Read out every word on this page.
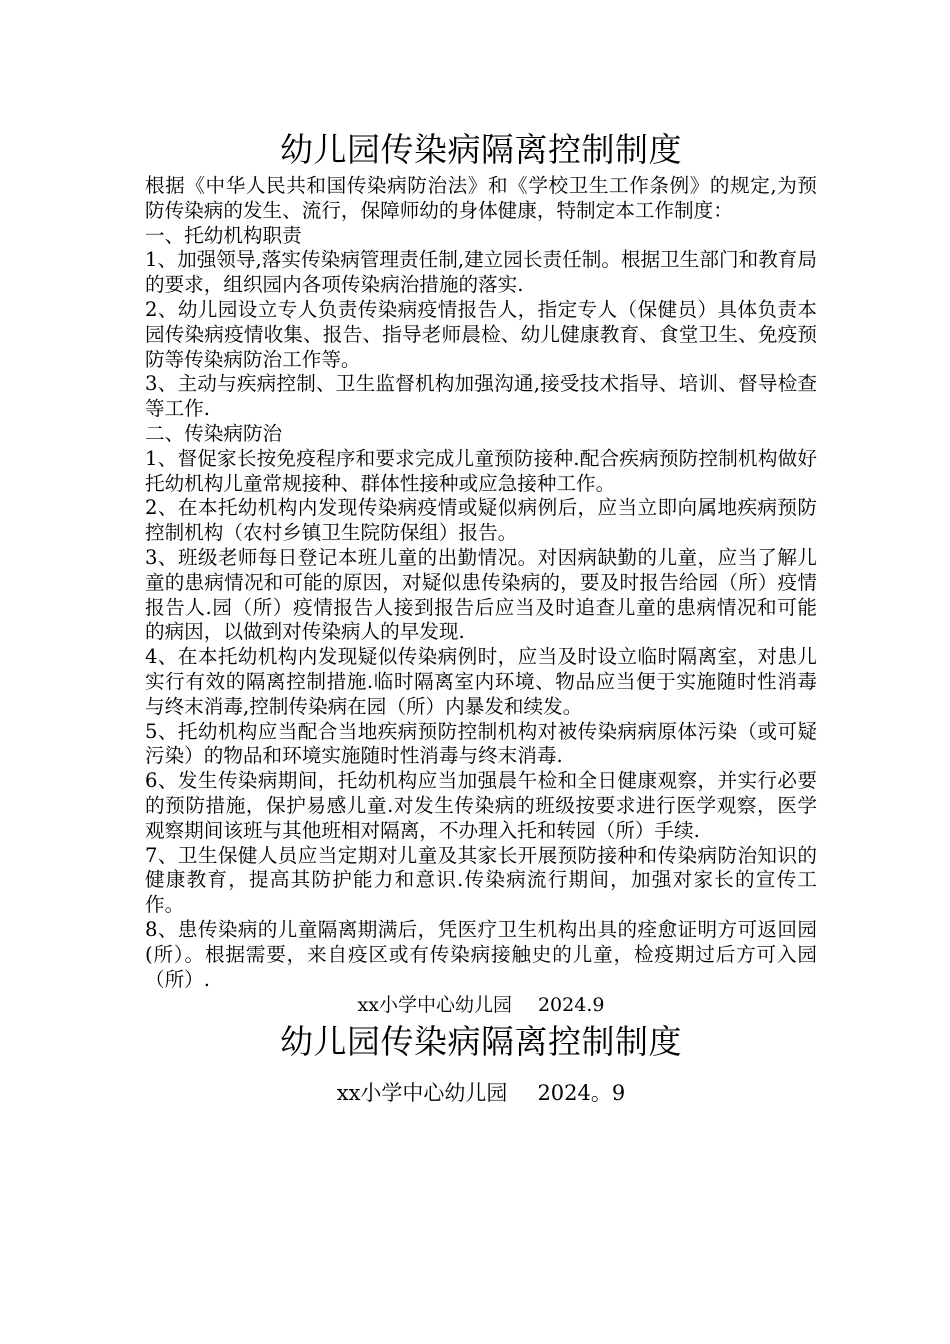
幼儿园传染病隔离控制制度

根据《中华人民共和国传染病防治法》和《学校卫生工作条例》的规定,为预防传染病的发生、流行，保障师幼的身体健康，特制定本工作制度：

一、托幼机构职责

1、加强领导,落实传染病管理责任制,建立园长责任制。根据卫生部门和教育局的要求，组织园内各项传染病治措施的落实.

2、幼儿园设立专人负责传染病疫情报告人，指定专人（保健员）具体负责本园传染病疫情收集、报告、指导老师晨检、幼儿健康教育、食堂卫生、免疫预防等传染病防治工作等。

3、主动与疾病控制、卫生监督机构加强沟通,接受技术指导、培训、督导检查等工作.

二、传染病防治

1、督促家长按免疫程序和要求完成儿童预防接种.配合疾病预防控制机构做好托幼机构儿童常规接种、群体性接种或应急接种工作。

2、在本托幼机构内发现传染病疫情或疑似病例后，应当立即向属地疾病预防控制机构（农村乡镇卫生院防保组）报告。

3、班级老师每日登记本班儿童的出勤情况。对因病缺勤的儿童，应当了解儿童的患病情况和可能的原因，对疑似患传染病的，要及时报告给园（所）疫情报告人.园（所）疫情报告人接到报告后应当及时追查儿童的患病情况和可能的病因，以做到对传染病人的早发现.

4、在本托幼机构内发现疑似传染病例时，应当及时设立临时隔离室，对患儿实行有效的隔离控制措施.临时隔离室内环境、物品应当便于实施随时性消毒与终末消毒,控制传染病在园（所）内暴发和续发。

5、托幼机构应当配合当地疾病预防控制机构对被传染病病原体污染（或可疑污染）的物品和环境实施随时性消毒与终末消毒.

6、发生传染病期间，托幼机构应当加强晨午检和全日健康观察，并实行必要的预防措施，保护易感儿童.对发生传染病的班级按要求进行医学观察，医学观察期间该班与其他班相对隔离，不办理入托和转园（所）手续.

7、卫生保健人员应当定期对儿童及其家长开展预防接种和传染病防治知识的健康教育，提高其防护能力和意识.传染病流行期间，加强对家长的宣传工作。

8、患传染病的儿童隔离期满后，凭医疗卫生机构出具的痊愈证明方可返回园(所）。根据需要，来自疫区或有传染病接触史的儿童，检疫期过后方可入园（所）.

xx小学中心幼儿园 2024.9

幼儿园传染病隔离控制制度

xx小学中心幼儿园 2024。9
